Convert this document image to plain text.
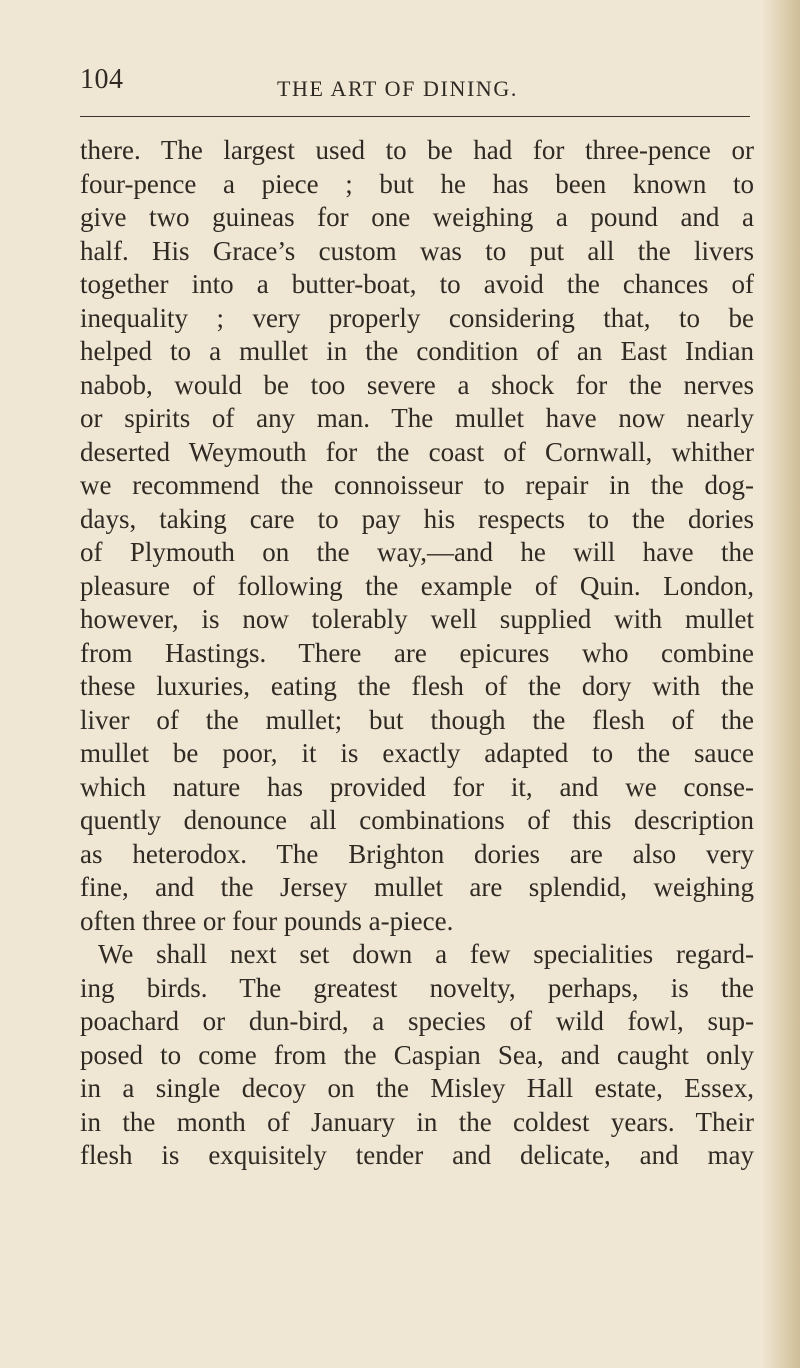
104	THE ART OF DINING.
there. The largest used to be had for three-pence or
four-pence a piece ; but he has been known to
give two guineas for one weighing a pound and a
half. His Grace’s custom was to put all the livers
together into a butter-boat, to avoid the chances of
inequality ; very properly considering that, to be
helped to a mullet in the condition of an East Indian
nabob, would be too severe a shock for the nerves
or spirits of any man. The mullet have now nearly
deserted Weymouth for the coast of Cornwall, whither
we recommend the connoisseur to repair in the dog-
days, taking care to pay his respects to the dories
of Plymouth on the way,—and he will have the
pleasure of following the example of Quin. London,
however, is now tolerably well supplied with mullet
from Hastings. There are epicures who combine
these luxuries, eating the flesh of the dory with the
liver of the mullet; but though the flesh of the
mullet be poor, it is exactly adapted to the sauce
which nature has provided for it, and we conse-
quently denounce all combinations of this description
as heterodox. The Brighton dories are also very
fine, and the Jersey mullet are splendid, weighing
often three or four pounds a-piece.
We shall next set down a few specialities regard-
ing birds. The greatest novelty, perhaps, is the
poachard or dun-bird, a species of wild fowl, sup-
posed to come from the Caspian Sea, and caught only
in a single decoy on the Misley Hall estate, Essex,
in the month of January in the coldest years. Their
flesh is exquisitely tender and delicate, and may
